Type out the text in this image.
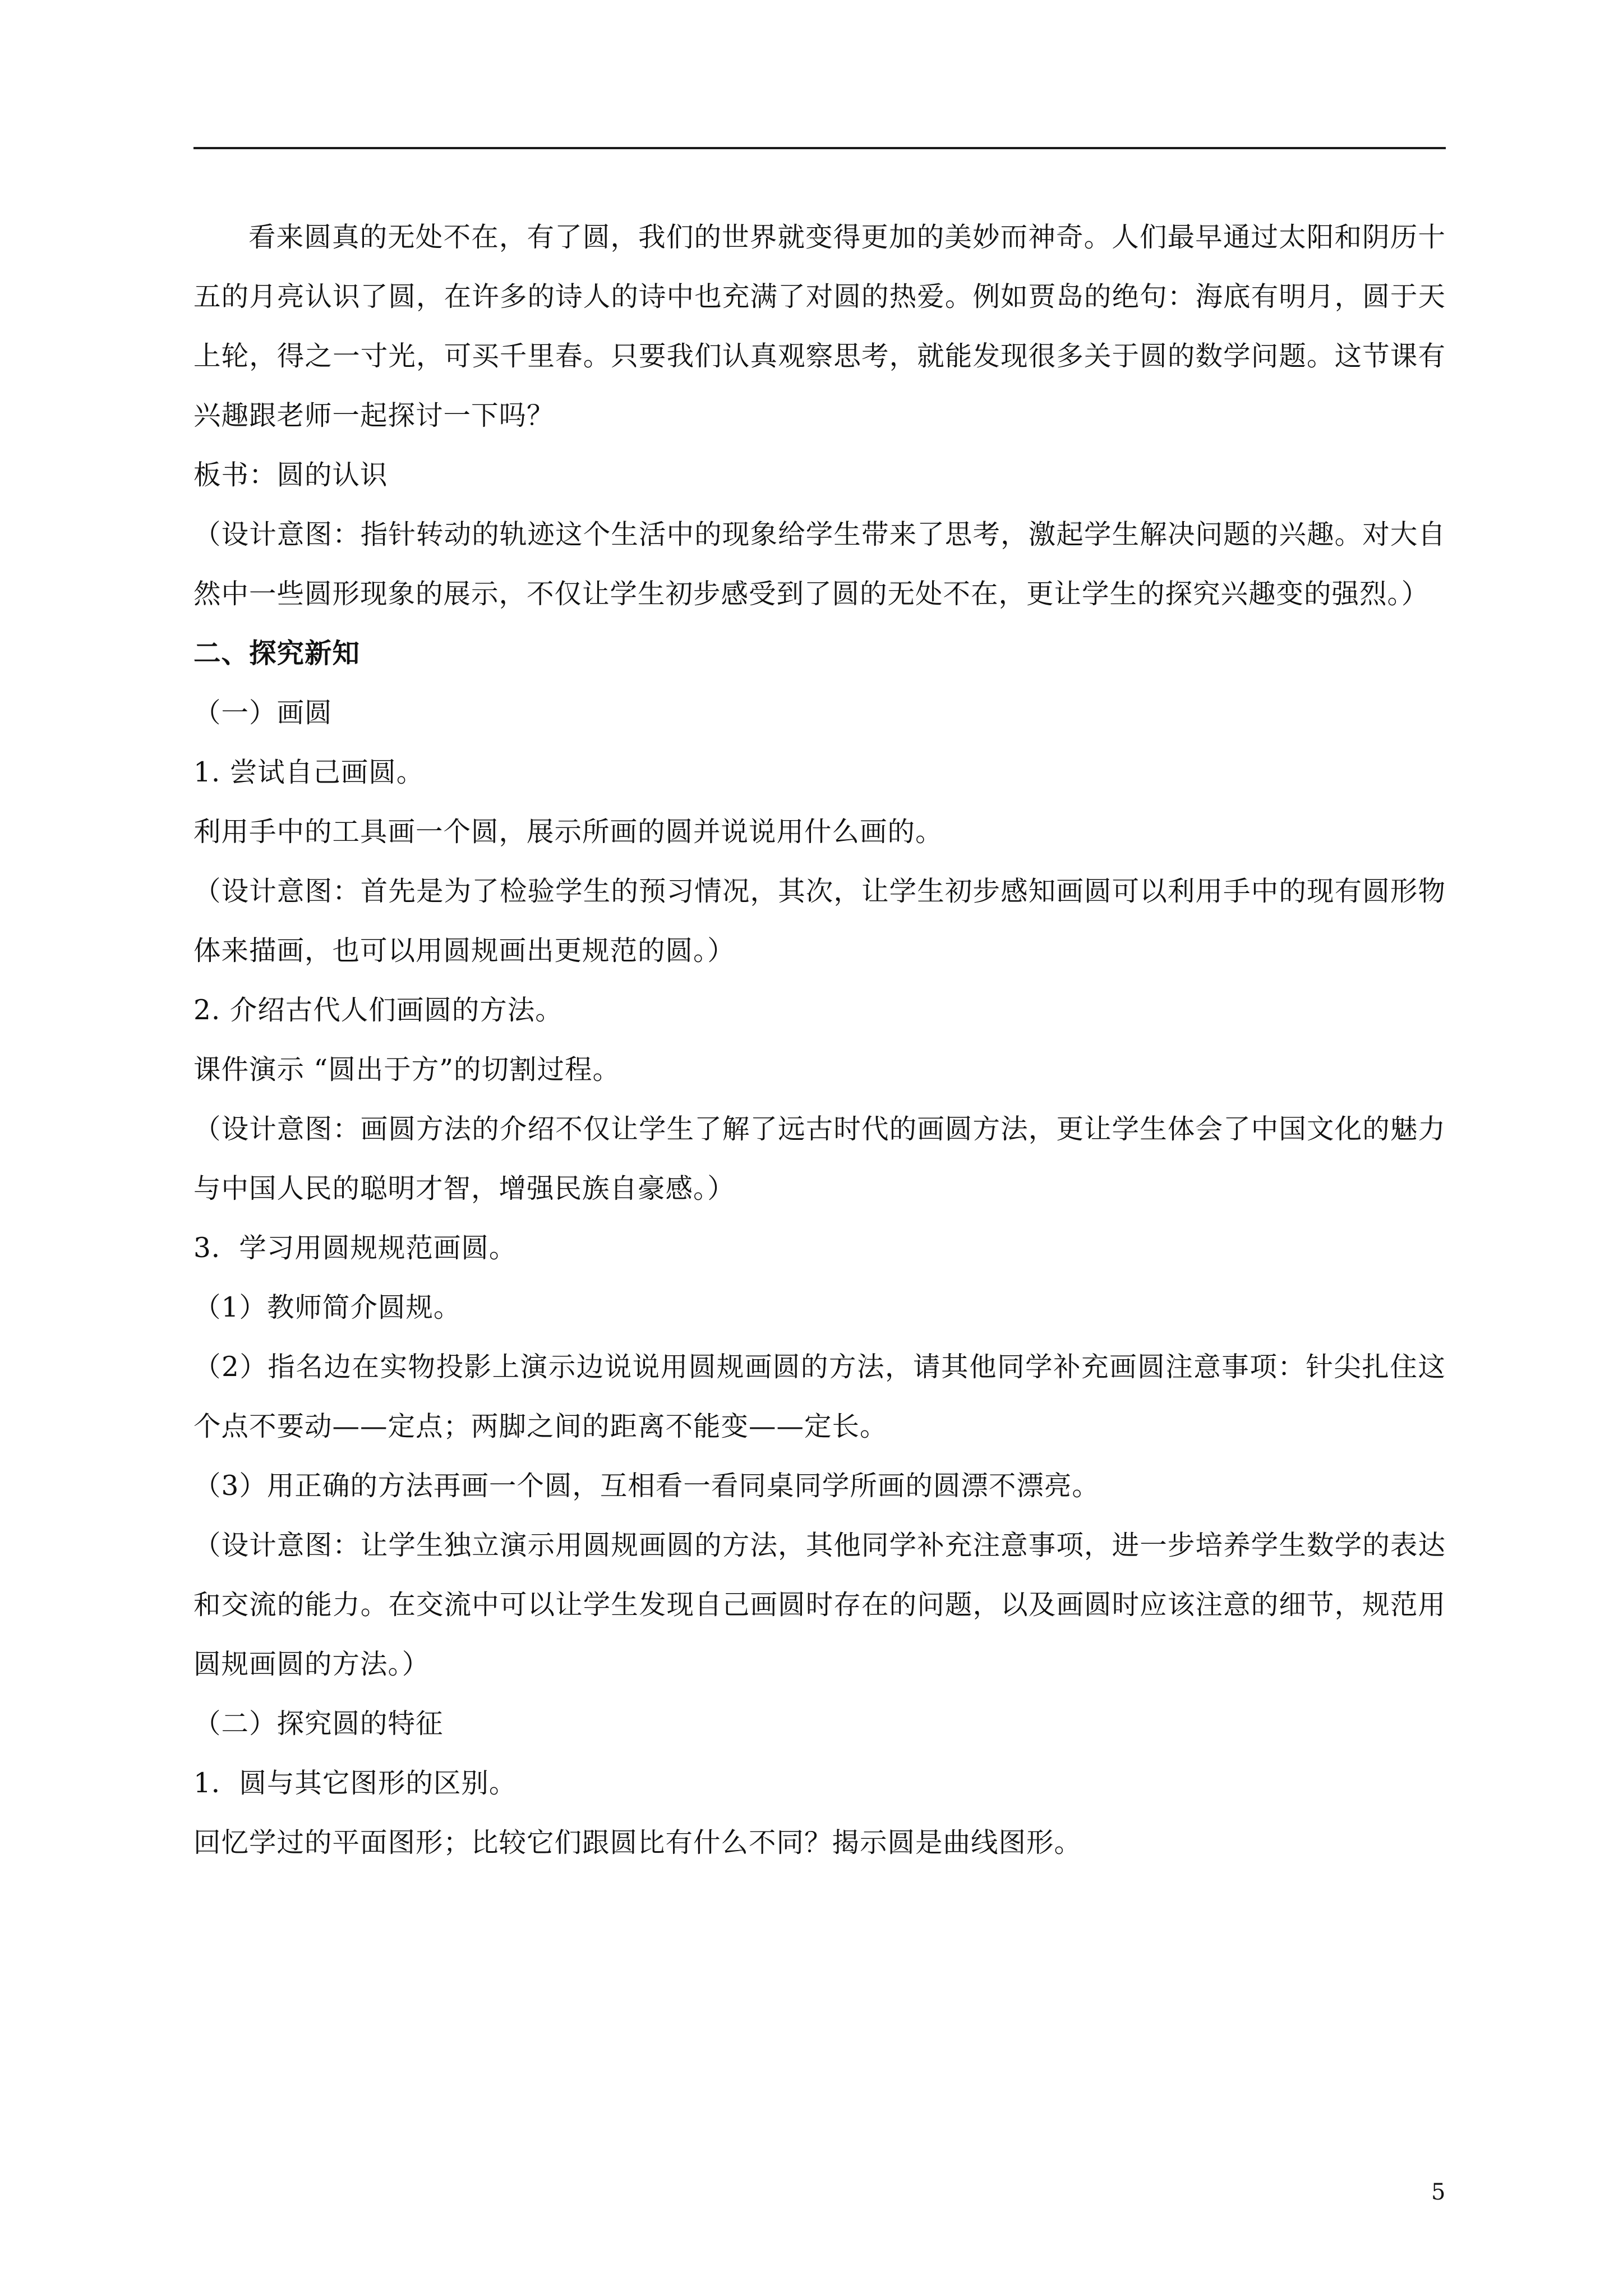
看来圆真的无处不在，有了圆，我们的世界就变得更加的美妙而神奇。人们最早通过太阳和阴历十五的月亮认识了圆，在许多的诗人的诗中也充满了对圆的热爱。例如贾岛的绝句：海底有明月，圆于天上轮，得之一寸光，可买千里春。只要我们认真观察思考，就能发现很多关于圆的数学问题。这节课有兴趣跟老师一起探讨一下吗？

板书：圆的认识

（设计意图：指针转动的轨迹这个生活中的现象给学生带来了思考，激起学生解决问题的兴趣。对大自然中一些圆形现象的展示，不仅让学生初步感受到了圆的无处不在，更让学生的探究兴趣变的强烈。）

二、探究新知

（一）画圆

1. 尝试自己画圆。

利用手中的工具画一个圆，展示所画的圆并说说用什么画的。

（设计意图：首先是为了检验学生的预习情况，其次，让学生初步感知画圆可以利用手中的现有圆形物体来描画，也可以用圆规画出更规范的圆。）

2. 介绍古代人们画圆的方法。

课件演示 “圆出于方”的切割过程。

（设计意图：画圆方法的介绍不仅让学生了解了远古时代的画圆方法，更让学生体会了中国文化的魅力与中国人民的聪明才智，增强民族自豪感。）

3．学习用圆规规范画圆。

（1）教师简介圆规。

（2）指名边在实物投影上演示边说说用圆规画圆的方法，请其他同学补充画圆注意事项：针尖扎住这个点不要动——定点；两脚之间的距离不能变——定长。

（3）用正确的方法再画一个圆，互相看一看同桌同学所画的圆漂不漂亮。

（设计意图：让学生独立演示用圆规画圆的方法，其他同学补充注意事项，进一步培养学生数学的表达和交流的能力。在交流中可以让学生发现自己画圆时存在的问题，以及画圆时应该注意的细节，规范用圆规画圆的方法。）

（二）探究圆的特征

1．圆与其它图形的区别。

回忆学过的平面图形；比较它们跟圆比有什么不同？揭示圆是曲线图形。

5
